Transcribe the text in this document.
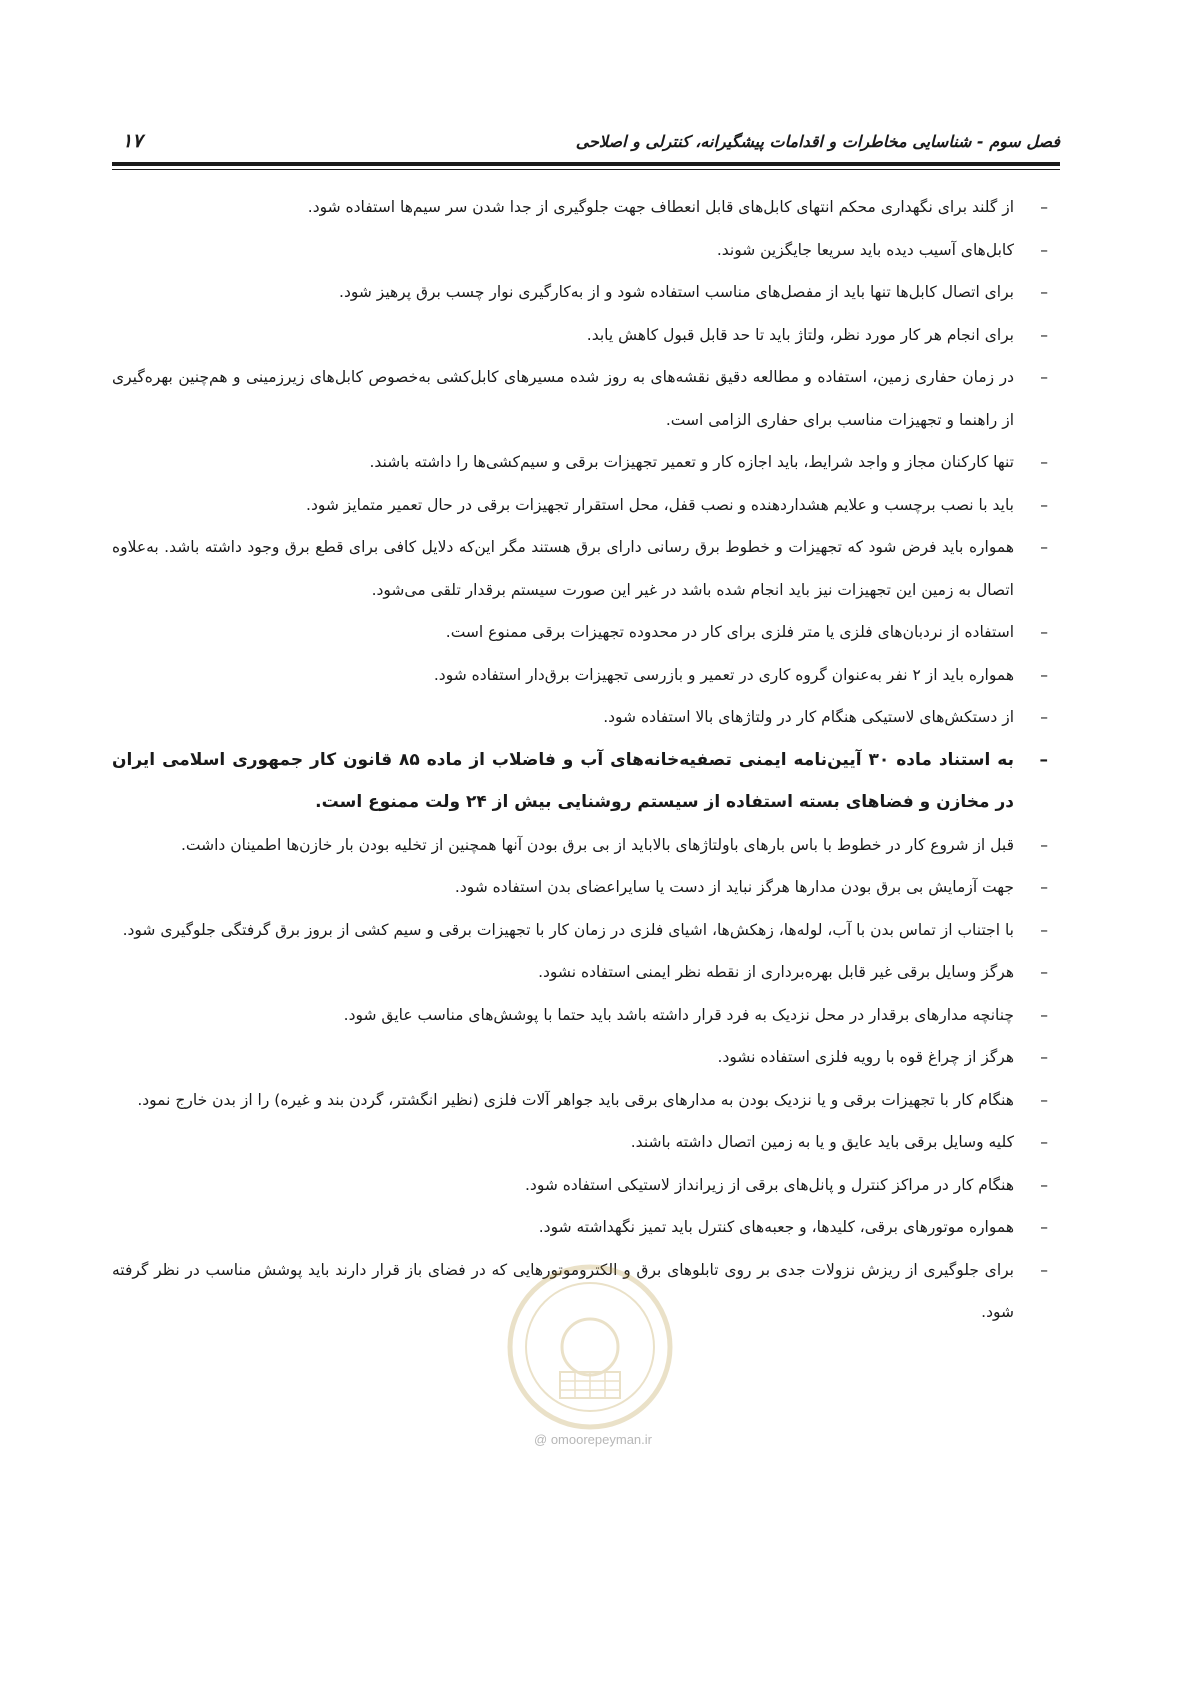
فصل سوم - شناسایی مخاطرات و اقدامات پیشگیرانه، کنترلی و اصلاحی
۱۷
–
از گلند برای نگهداری محکم انتهای کابل‌های قابل انعطاف جهت جلوگیری از جدا شدن سر سیم‌ها استفاده شود.
–
کابل‌های آسیب دیده باید سریعا جایگزین شوند.
–
برای اتصال کابل‌ها تنها باید از مفصل‌های مناسب استفاده شود و از به‌کارگیری نوار چسب برق پرهیز شود.
–
برای انجام هر کار مورد نظر، ولتاژ باید تا حد قابل قبول کاهش یابد.
–
در زمان حفاری زمین، استفاده و مطالعه دقیق نقشه‌های به روز شده مسیرهای کابل‌کشی به‌خصوص کابل‌های زیرزمینی و هم‌چنین بهره‌گیری از راهنما و تجهیزات مناسب برای حفاری الزامی است.
–
تنها کارکنان مجاز و واجد شرایط، باید اجازه کار و تعمیر تجهیزات برقی و سیم‌کشی‌ها را داشته باشند.
–
باید با نصب برچسب و علایم هشداردهنده و نصب قفل، محل استقرار تجهیزات برقی در حال تعمیر متمایز شود.
–
همواره باید فرض شود که تجهیزات و خطوط برق رسانی دارای برق هستند مگر این‌که دلایل کافی برای قطع برق وجود داشته باشد. به‌علاوه اتصال به زمین این تجهیزات نیز باید انجام شده باشد در غیر این صورت سیستم برقدار تلقی می‌شود.
–
استفاده از نردبان‌های فلزی یا متر فلزی برای کار در محدوده تجهیزات برقی ممنوع است.
–
همواره باید از ۲ نفر به‌عنوان گروه کاری در تعمیر و بازرسی تجهیزات برق‌دار استفاده شود.
–
از دستکش‌های لاستیکی هنگام کار در ولتاژهای بالا استفاده شود.
–
به استناد ماده ۳۰ آیین‌نامه ایمنی تصفیه‌خانه‌های آب و فاضلاب از ماده ۸۵ قانون کار جمهوری اسلامی ایران در مخازن و فضاهای بسته استفاده از سیستم روشنایی بیش از ۲۴ ولت ممنوع است.
–
قبل از شروع کار در خطوط با باس بارهای باولتاژهای بالاباید از بی برق بودن آنها همچنین از تخلیه بودن بار خازن‌ها اطمینان داشت.
–
جهت آزمایش بی برق بودن مدارها هرگز نباید از دست یا سایراعضای بدن استفاده شود.
–
با اجتناب از تماس بدن با آب، لوله‌ها، زهکش‌ها، اشیای فلزی در زمان کار با تجهیزات برقی و سیم کشی از بروز برق گرفتگی جلوگیری شود.
–
هرگز وسایل برقی غیر قابل بهره‌برداری از نقطه نظر ایمنی استفاده نشود.
–
چنانچه مدارهای برقدار در محل نزدیک به فرد قرار داشته باشد باید حتما با پوشش‌های مناسب عایق شود.
–
هرگز از چراغ قوه با رویه فلزی استفاده نشود.
–
هنگام کار با تجهیزات برقی و یا نزدیک بودن به مدارهای برقی باید جواهر آلات فلزی (نظیر انگشتر، گردن بند و غیره) را از بدن خارج نمود.
–
کلیه وسایل برقی باید عایق و یا به زمین اتصال داشته باشند.
–
هنگام کار در مراکز کنترل و پانل‌های برقی از زیرانداز لاستیکی استفاده شود.
–
همواره موتورهای برقی، کلیدها، و جعبه‌های کنترل باید تمیز نگهداشته شود.
–
برای جلوگیری از ریزش نزولات جدی بر روی تابلوهای برق و الکتروموتورهایی که در فضای باز قرار دارند باید پوشش مناسب در نظر گرفته شود.
@ omoorepeyman.ir
